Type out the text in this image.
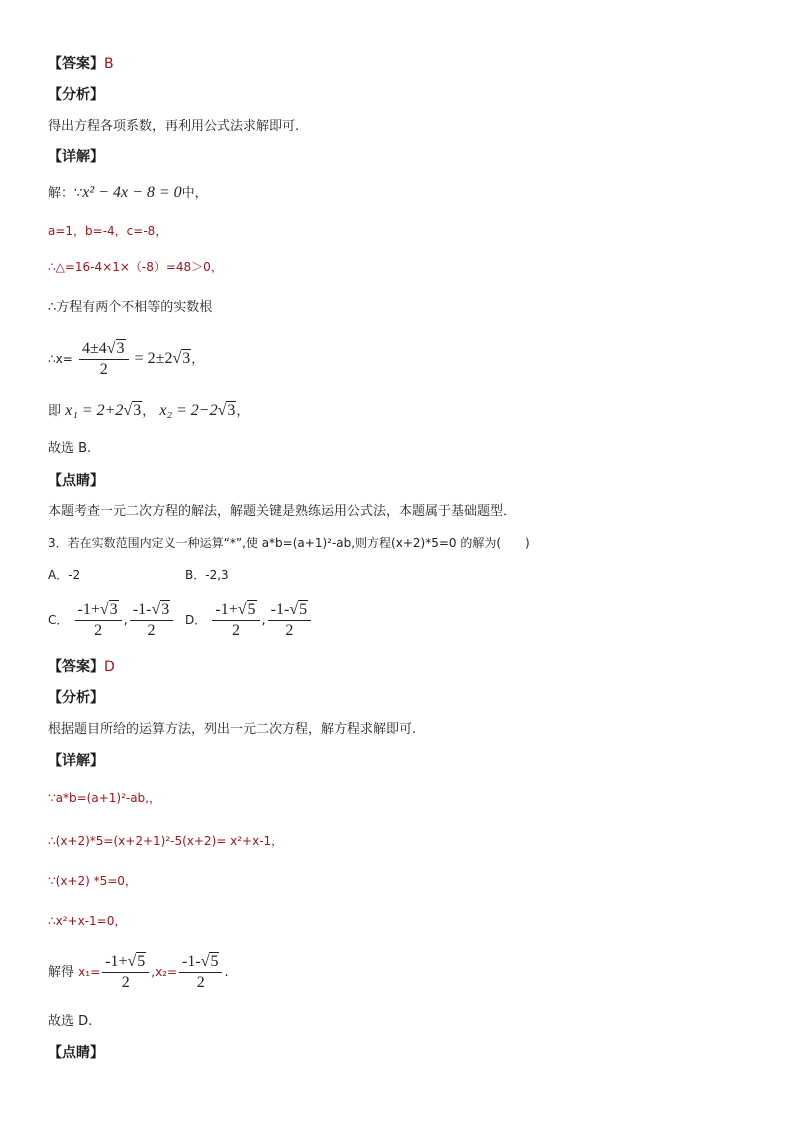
【答案】B
【分析】
得出方程各项系数，再利用公式法求解即可.
【详解】
解：∵x² − 4x − 8 = 0中，
a=1，b=-4，c=-8，
∴△=16-4×1×（-8）=48＞0，
∴方程有两个不相等的实数根
∴x= $\frac{4\pm 4√3}{2} = 2\pm 2√3$，
即 x₁ = 2+2√3， x₂ = 2−2√3，
故选 B.
【点睛】
本题考查一元二次方程的解法，解题关键是熟练运用公式法，本题属于基础题型．
3．若在实数范围内定义一种运算“*”,使 a*b=(a+1)²-ab,则方程(x+2)*5=0 的解为(　　)
A．-2	B．-2,3
C． $\frac{-1+√3}{2}$ , $\frac{-1-√3}{2}$ D． $\frac{-1+√5}{2}$ , $\frac{-1-√5}{2}$
【答案】D
【分析】
根据题目所给的运算方法，列出一元二次方程，解方程求解即可.
【详解】
∵a*b=(a+1)²-ab,，
∴(x+2)*5=(x+2+1)²-5(x+2)= x²+x-1，
∵(x+2) *5=0，
∴x²+x-1=0，
解得 $x_1= \frac{-1+√5}{2} ,x_2= \frac{-1-√5}{2}$ .
故选 D.
【点睛】
